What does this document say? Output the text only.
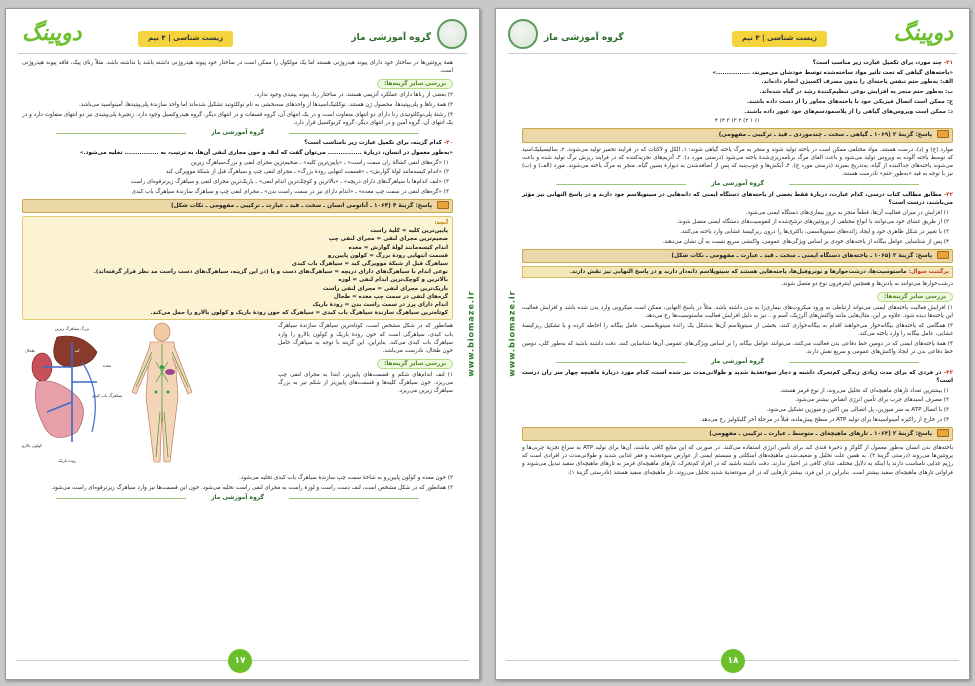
گروه آموزشی ماز
زیست شناسی | ۴ نیم
دوپینگ
همهٔ پروتئین‌ها در ساختار خود دارای پیوند هیدروژنی هستند اما یک مولکول را ممکن است در ساختار خود پیوند هیدروژنی داشته باشد یا نداشته باشد. مثلاً رنای پیک، فاقد پیوند هیدروژنی است.
بررسی سایر گزینه‌ها:
۲) بعضی از رناها دارای عملکرد آنزیمی هستند. در ساختار رنا، پیوند پپتیدی وجود ندارد.
۳) همهٔ رناها و پلی‌پپتیدها، محصول ژن هستند. نوکلئیک‌اسیدها از واحدهای سه‌بخشی به نام نوکلئوتید تشکیل شده‌اند اما واحد سازندهٔ پلی‌پپتیدها، آمینواسید می‌باشد.
۴) رشتهٔ پلی‌نوکلئوتیدی رنا دارای دو انتهای متفاوت است و در یک انتهای آن، گروه فسفات و در انتهای دیگر، گروه هیدروکسیل وجود دارد. زنجیرهٔ پلی‌پپتیدی نیز دو انتهای متفاوت دارد و در یک انتهای آن، گروه آمین و در انتهای دیگر، گروه کربوکسیل قرار دارد.
گروه آموزشی ماز
۴۰- کدام گزینه، برای تکمیل عبارت زیر نامناسب است؟
«به‌طور معمول در انسان، دربارهٔ ................ می‌توان گفت که لنف و خون مجاری لنفی آن‌ها، به ترتیب، به ................ تخلیه می‌شود.»
۱) «گره‌های لنفی کشالهٔ ران سمت راست» ـ «پایین‌ترین کلیه» ـ ضخیم‌ترین مجرای لنفی و بزرگ‌سیاهرگ زیرین
۲) «اندام کیسه‌مانند لولهٔ گوارش» ـ «قسمت انتهایی رودهٔ بزرگ» ـ مجرای لنفی چپ و سیاهرگ قبل از شبکهٔ موویرگی کبد
۳) «لنف اندام‌ها با سیاهرگ‌های دارای دریچه» ـ «بالاترین و کوچک‌ترین اندام لنفی» ـ باریک‌ترین مجرای لنفی و سیاهرگ زیرترقوه‌ای راست
۴) «گره‌های لنفی در سمت چپ معده» ـ «اندام دارای نیز در سمت راست بدن» ـ مجرای لنفی چپ و سیاهرگ سازندهٔ سیاهرگ باب کبدی
پاسخ: گزینهٔ ۴ (۱۰۶۴ ـ آناتومی انسان ـ سخت ـ قید ـ عبارت ـ ترکیبی ـ مفهومی ـ نکات شکل)
آنچه:
پایین‌ترین کلیه = کلیهٔ راست
ضخیم‌ترین مجرای لنفی = مجرای لنفی چپ
اندام کیسه‌مانند لولهٔ گوارش = معده
قسمت انتهایی رودهٔ بزرگ = کولون پایین‌رو
سیاهرگ قبل از شبکهٔ موویرگی کبد = سیاهرگ باب کبدی
نوعی اندام با سیاهرگ‌های دارای دریچه = سیاهرگ‌های دست و پا (در این گزینه، سیاهرگ‌های دست راست مد نظر قرار گرفته‌اند).
بالاترین و کوچک‌ترین اندام لنفی = لوزه
باریک‌ترین مجرای لنفی = مجرای لنفی راست
گره‌های لنفی در سمت چپ معده = طحال
اندام دارای پرز در سمت راست بدن = رودهٔ باریک
کوتاه‌ترین سیاهرگ سازندهٔ سیاهرگ باب کبدی = سیاهرگ که خون رودهٔ باریک و کولون بالارو را حمل می‌کند.
همانطور که در شکل مشخص است، کوتاه‌ترین سیاهرگ سازندهٔ سیاهرگ باب کبدی، سیاهرگی است که خون رودهٔ باریک و کولون بالارو را وارد سیاهرگ باب کبدی می‌کند. بنابراین، این گزینه با توجه به سیاهرگ حامل خون طحال، نادرست می‌باشد.
بررسی سایر گزینه‌ها:
۱) لنف اندام‌های شکم و قسمت‌های پایین‌تر، ابتدا به مجرای لنفی چپ می‌ریزد. خون سیاهرگ کلیه‌ها و قسمت‌های پایین‌تر از شکم نیز به بزرگ سیاهرگ زیرین می‌ریزد.
بزرگ سیاهرگ زیرین
کبد
معده
طحال
سیاهرگ باب کبدی
روده باریک
کولون بالارو
۲) خون معده و کولون پایین‌رو به شاخهٔ سمت چپ سازندهٔ سیاهرگ باب کبدی تخلیه می‌شود.
۳) همانطور که در شکل مشخص است، لنف دست راست و لوزهٔ راست به مجرای لنفی راست تخلیه می‌شود. خون این قسمت‌ها نیز وارد سیاهرگ زیرترقوه‌ای راست می‌شود.
گروه آموزشی ماز
www.biomaze.ir
۱۷
گروه آموزشی ماز	زیست شناسی | ۴ نیم	دوپینگ
۴۱- چند مورد، برای تکمیل عبارت زیر مناسب است؟
«یاخته‌های گیاهی که تحت تأثیر مواد ساخته‌شده توسط خودشان می‌میرند، ................»
الف: به‌طور حتم تنفس یاخته‌ای را بدون مصرف اکسیژن انجام داده‌اند.
ب: به‌طور حتم منجر به افزایش نوعی تنظیم‌کنندهٔ رشد در گیاه شده‌اند.
ج: ممکن است اتصال فیزیکی خود با یاخته‌های مجاور را از دست داده باشند.
د: ممکن است ویروس‌های گیاهی را از پلاسمودسم‌های خود عبور داده باشند.
۱) ۱ ۲) ۲ ۳) ۳ ۴) ۴
پاسخ: گزینهٔ ۲ (۱۰۶۹ ـ گیاهی ـ سخت ـ چندموردی ـ قید ـ ترکیبی ـ مفهومی)
موارد (ج) و (د)، درست هستند. مواد مختلفی ممکن است در یاخته تولید شوند و منجر به مرگ یاخته گیاهی شوند: ۱ـ الکل و لاکتات که در فرایند تخمیر تولید می‌شوند. ۲ـ سالیسیلیک‌اسید که توسط یاخته آلوده به ویروس تولید می‌شود و باعث القای مرگ برنامه‌ریزی‌شدهٔ یاخته می‌شود (درستی مورد د). ۳ـ آنزیم‌های تجزیه‌کننده که در فرایند ریزش برگ تولید شده و باعث می‌شوند یاخته‌های جداکننده از گیاه، به‌تدریج بمیرند (درستی مورد ج). ۴ـ آبکش‌ها و چوب‌پنبه که پس از اضافه‌شدن به دیوارهٔ پسین گیاه، منجر به مرگ یاخته می‌شوند. مورد (الف) و (ب) نیز با توجه به قید «به‌طور حتم» نادرست هستند.
گروه آموزشی ماز
۴۲- مطابق مطالب کتاب درسی، کدام عبارت، دربارهٔ فقط بعضی از یاخته‌های دستگاه ایمنی که دانه‌هایی در سیتوپلاسم خود دارند و در پاسخ التهابی نیز مؤثر می‌باشند، درست است؟
۱) افزایش در میزان فعالیت آن‌ها، قطعاً منجر به بروز بیماری‌های دستگاه ایمنی می‌شود.
۲) از طریق غشای خود می‌توانند با انواع مختلفی از پروتئین‌های ترشح‌شده از لنفوسیت‌های دستگاه ایمنی متصل شوند.
۳) با تغییر در شکل ظاهری خود و ایجاد زائده‌های سیتوپلاسمی، باکتری‌ها را درون ریزکیسهٔ غشایی وارد یاخته می‌کنند.
۴) پس از شناسایی عوامل بیگانه از یاخته‌های خودی بر اساس ویژگی‌های عمومی، واکنشی سریع نسبت به آن نشان می‌دهند.
پاسخ: گزینهٔ ۲ (۱۰۶۵ ـ یاخته‌های دستگاه ایمنی ـ سخت ـ قید ـ عبارت ـ مفهومی ـ نکات شکل)
برگشت سوال: ماستوسیت‌ها، درشت‌خوارها و نوتروفیل‌ها، یاخته‌هایی هستند که سیتوپلاسم دانه‌دار دارند و در پاسخ التهابی نیز نقش دارند.
درشت‌خوارها می‌توانند به پادتن‌ها و همچنین اینترفرون نوع دو متصل شوند.
بررسی سایر گزینه‌ها:
۱) افزایش فعالیت یاخته‌های ایمنی می‌تواند ارتباطی به ورود میکروب‌های بیماری‌زا به بدن داشته باشد. مثلاً در پاسخ التهابی، ممکن است میکروبی وارد بدن شده باشد و افزایش فعالیت این یاخته‌ها دیده شود. علاوه بر این، مثال‌هایی مانند واکنش‌های آلرژیک، آسم و... نیز به دلیل افزایش فعالیت ماستوسیت‌ها رخ می‌دهد.
۳) همگامی که یاخته‌های بیگانه‌خوار می‌خواهند اقدام به بیگانه‌خواری کنند، بخشی از سیتوپلاسم آن‌ها به‌شکل یک زائدهٔ سیتوپلاسمی، عامل بیگانه را احاطه کرده و با تشکیل ریزکیسهٔ غشایی، عامل بیگانه را وارد یاخته می‌کند.
۴) همهٔ یاخته‌های ایمنی که در دومین خط دفاعی بدن فعالیت می‌کنند، می‌توانند عوامل بیگانه را بر اساس ویژگی‌های عمومی آن‌ها شناسایی کنند. دقت داشته باشید که به‌طور کلی، دومین خط دفاعی بدن در ایجاد واکنش‌های عمومی و سریع نقش دارند.
گروه آموزشی ماز
۴۳- در فردی که برای مدت زیادی زندگی کم‌تحرک داشته و دچار سوءتغذیهٔ شدید و طولانی‌مدت نیز شده است، کدام مورد دربارهٔ ماهیچه چهار سر ران درست است؟
۱) بیشترین تعداد تارهای ماهیچه‌ای که تحلیل می‌روند، از نوع قرمز هستند.
۲) مصرف اسیدهای چرب برای تأمین انرژی انقباض بیشتر می‌شود.
۳) با اتصال ATP به سر میوزین، پل اتصالی بین اکتین و میوزین تشکیل می‌شود.
۴) در خارج از راکیزه آمینواسیدها برای تولید ATP در سطح پیش‌ماده، قبلاً در مرحلهٔ آخر گلیکولیز رخ می‌دهد.
پاسخ: گزینهٔ ۲ (۱۰۶۳ ـ تارهای ماهیچه‌ای ـ متوسط ـ عبارت ـ ترکیبی ـ مفهومی)
یاخته‌های بدن انسان به‌طور معمول از گلوکز و ذخیرهٔ قندی کبد برای تأمین انرژی استفاده می‌کنند. در صورتی که این منابع کافی نباشند، آن‌ها برای تولید ATP به سراغ تجزیهٔ چربی‌ها و پروتئین‌ها می‌روند (درستی گزینهٔ ۲). به همین علت تحلیل و ضعیف‌شدن ماهیچه‌های اسکلتی و سیستم ایمنی از عوارض سوءتغذیه و فقر غذایی شدید و طولانی‌مدت در افرادی است که رژیم غذایی نامناسب دارند یا اینکه به دلایل مختلف غذای کافی در اختیار ندارند. دقت داشته باشید که در افراد کم‌تحرک، تارهای ماهیچه‌ای قرمز به تارهای ماهیچه‌ای سفید تبدیل می‌شوند و فراوانی تارهای ماهیچه‌ای سفید بیشتر است. بنابراین در این فرد، بیشتر تارهایی که در اثر سوءتغذیهٔ شدید تحلیل می‌روند، تار ماهیچه‌ای سفید هستند (نادرستی گزینهٔ ۱).
www.biomaze.ir
۱۸
